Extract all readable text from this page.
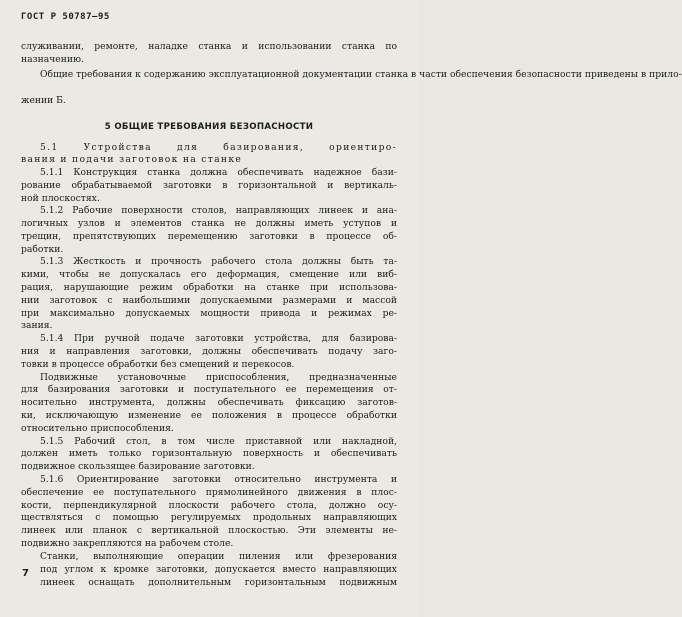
ГОСТ Р 50787—95
служивании, ремонте, наладке станка и использовании станка по
назначению.
Общие требования к содержанию эксплуатационной документации станка в части обеспечения безопасности приведены в прило-
жении Б.
5 ОБЩИЕ ТРЕБОВАНИЯ БЕЗОПАСНОСТИ
5.1 Устройства для базирования, ориентиро-
вания и подачи заготовок на станке
5.1.1 Конструкция станка должна обеспечивать надежное бази-
рование обрабатываемой заготовки в горизонтальной и вертикаль-
ной плоскостях.
5.1.2 Рабочие поверхности столов, направляющих линеек и ана-
логичных узлов и элементов станка не должны иметь уступов и
трещин, препятствующих перемещению заготовки в процессе об-
работки.
5.1.3 Жесткость и прочность рабочего стола должны быть та-
кими, чтобы не допускалась его деформация, смещение или виб-
рация, нарушающие режим обработки на станке при использова-
нии заготовок с наибольшими допускаемыми размерами и массой
при максимально допускаемых мощности привода и режимах ре-
зания.
5.1.4 При ручной подаче заготовки устройства, для базирова-
ния и направления заготовки, должны обеспечивать подачу заго-
товки в процессе обработки без смещений и перекосов.
Подвижные установочные приспособления, предназначенные
для базирования заготовки и поступательного ее перемещения от-
носительно инструмента, должны обеспечивать фиксацию заготов-
ки, исключающую изменение ее положения в процессе обработки
относительно приспособления.
5.1.5 Рабочий стол, в том числе приставной или накладной,
должен иметь только горизонтальную поверхность и обеспечивать
подвижное скользящее базирование заготовки.
5.1.6 Ориентирование заготовки относительно инструмента и
обеспечение ее поступательного прямолинейного движения в плос-
кости, перпендикулярной плоскости рабочего стола, должно осу-
ществляться с помощью регулируемых продольных направляющих
линеек или планок с вертикальной плоскостью. Эти элементы не-
подвижно закрепляются на рабочем столе.
Станки, выполняющие операции пиления или фрезерования
под углом к кромке заготовки, допускается вместо направляющих
линеек оснащать дополнительным горизонтальным подвижным
7
